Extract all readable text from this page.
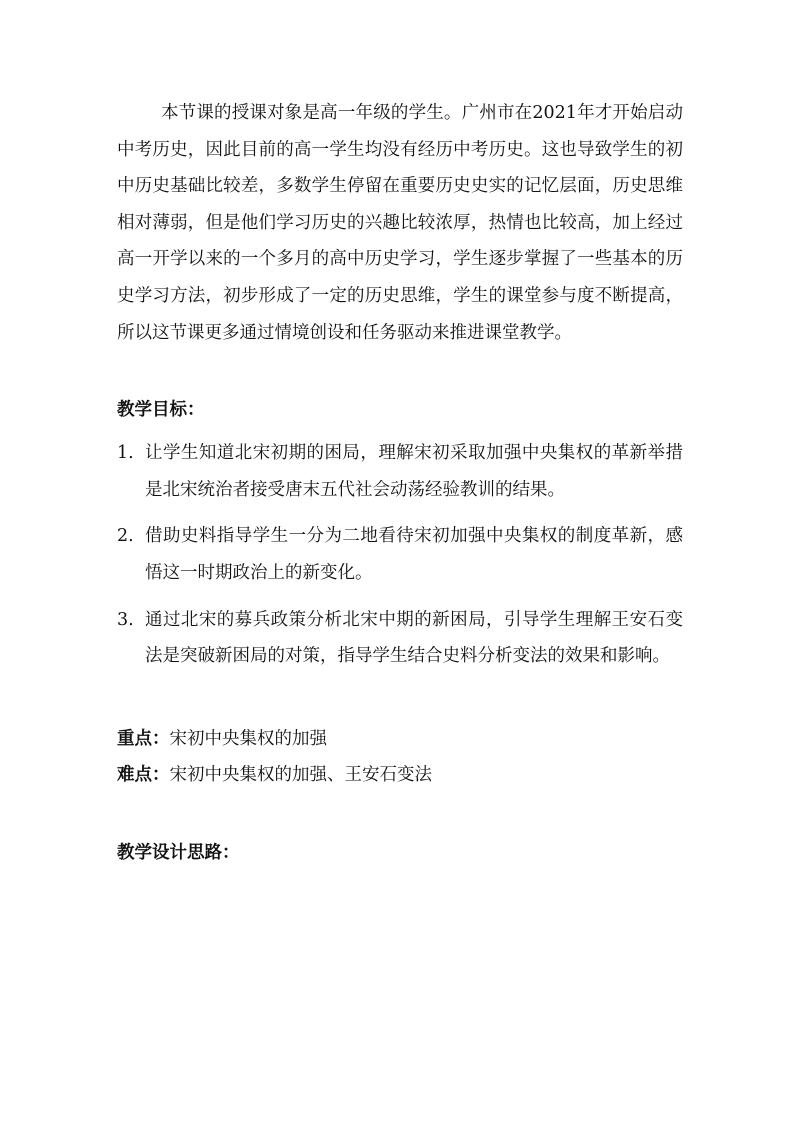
本节课的授课对象是高一年级的学生。广州市在2021年才开始启动中考历史，因此目前的高一学生均没有经历中考历史。这也导致学生的初中历史基础比较差，多数学生停留在重要历史史实的记忆层面，历史思维相对薄弱，但是他们学习历史的兴趣比较浓厚，热情也比较高，加上经过高一开学以来的一个多月的高中历史学习，学生逐步掌握了一些基本的历史学习方法，初步形成了一定的历史思维，学生的课堂参与度不断提高，所以这节课更多通过情境创设和任务驱动来推进课堂教学。

教学目标：

1. 让学生知道北宋初期的困局，理解宋初采取加强中央集权的革新举措是北宋统治者接受唐末五代社会动荡经验教训的结果。
2. 借助史料指导学生一分为二地看待宋初加强中央集权的制度革新，感悟这一时期政治上的新变化。
3. 通过北宋的募兵政策分析北宋中期的新困局，引导学生理解王安石变法是突破新困局的对策，指导学生结合史料分析变法的效果和影响。

重点：宋初中央集权的加强

难点：宋初中央集权的加强、王安石变法

教学设计思路：
